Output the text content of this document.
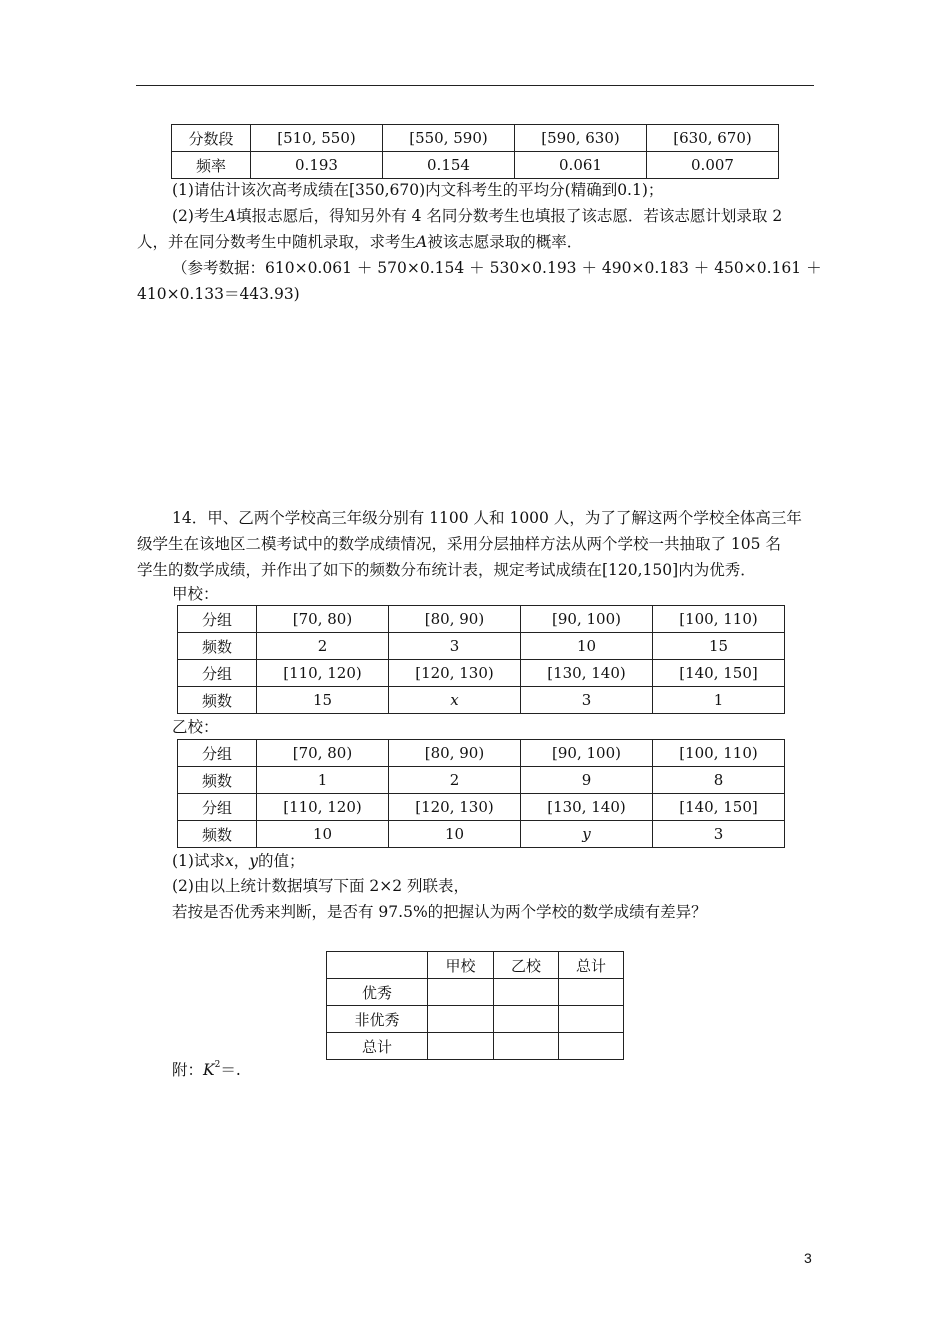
分数段	[510, 550)	[550, 590)	[590, 630)	[630, 670)
频率	0.193	0.154	0.061	0.007
(1)请估计该次高考成绩在[350,670)内文科考生的平均分(精确到0.1)；
(2)考生A填报志愿后，得知另外有 4 名同分数考生也填报了该志愿．若该志愿计划录取 2
人，并在同分数考生中随机录取，求考生A被该志愿录取的概率．
（参考数据：610×0.061 ＋ 570×0.154 ＋ 530×0.193 ＋ 490×0.183 ＋ 450×0.161 ＋
410×0.133＝443.93)
14．甲、乙两个学校高三年级分别有 1100 人和 1000 人，为了了解这两个学校全体高三年
级学生在该地区二模考试中的数学成绩情况，采用分层抽样方法从两个学校一共抽取了 105 名
学生的数学成绩，并作出了如下的频数分布统计表，规定考试成绩在[120,150]内为优秀．
甲校：
分组	[70, 80)	[80, 90)	[90, 100)	[100, 110)
频数	2	3	10	15
分组	[110, 120)	[120, 130)	[130, 140)	[140, 150]
频数	15	x	3	1
乙校：
分组	[70, 80)	[80, 90)	[90, 100)	[100, 110)
频数	1	2	9	8
分组	[110, 120)	[120, 130)	[130, 140)	[140, 150]
频数	10	10	y	3
(1)试求x，y的值；
(2)由以上统计数据填写下面 2×2 列联表，
若按是否优秀来判断，是否有 97.5%的把握认为两个学校的数学成绩有差异？
	甲校	乙校	总计
优秀			
非优秀			
总计			
附：$K^2=$.
3
